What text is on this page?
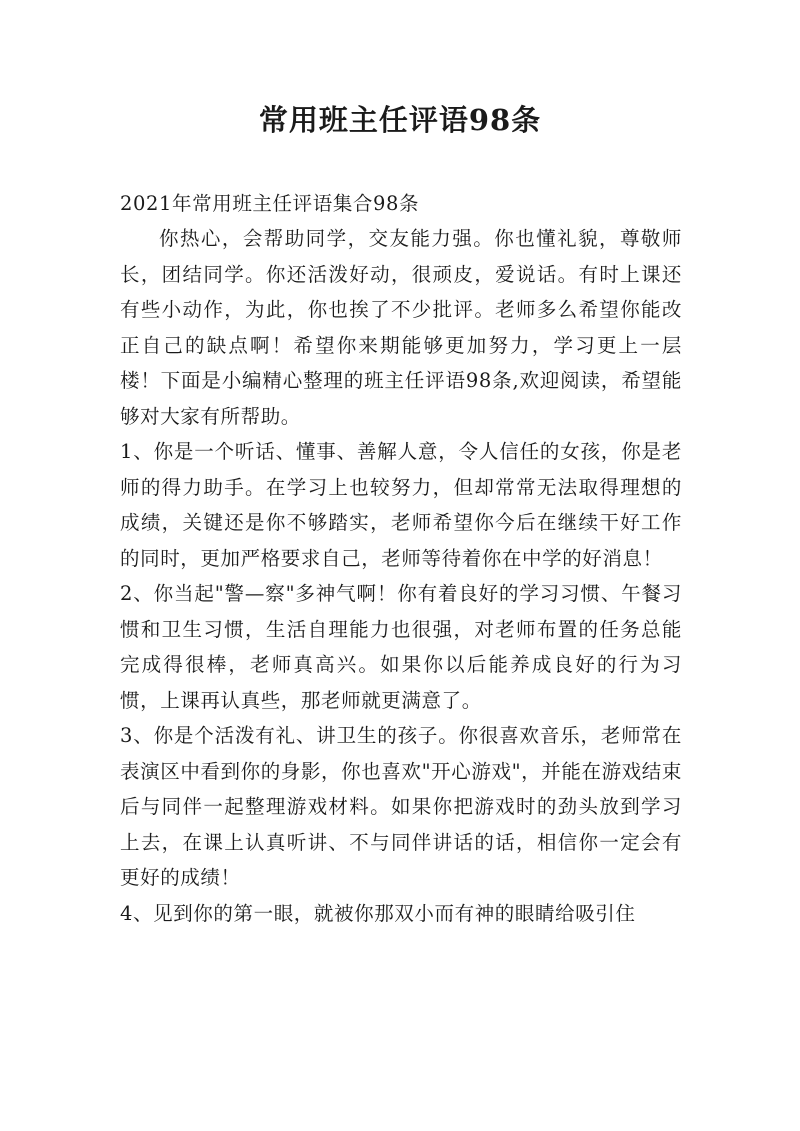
常用班主任评语98条

2021年常用班主任评语集合98条

你热心，会帮助同学，交友能力强。你也懂礼貌，尊敬师长，团结同学。你还活泼好动，很顽皮，爱说话。有时上课还有些小动作，为此，你也挨了不少批评。老师多么希望你能改正自己的缺点啊！希望你来期能够更加努力，学习更上一层楼！下面是小编精心整理的班主任评语98条,欢迎阅读，希望能够对大家有所帮助。

1、你是一个听话、懂事、善解人意，令人信任的女孩，你是老师的得力助手。在学习上也较努力，但却常常无法取得理想的成绩，关键还是你不够踏实，老师希望你今后在继续干好工作的同时，更加严格要求自己，老师等待着你在中学的好消息！

2、你当起"警—察"多神气啊！你有着良好的学习习惯、午餐习惯和卫生习惯，生活自理能力也很强，对老师布置的任务总能完成得很棒，老师真高兴。如果你以后能养成良好的行为习惯，上课再认真些，那老师就更满意了。

3、你是个活泼有礼、讲卫生的孩子。你很喜欢音乐，老师常在表演区中看到你的身影，你也喜欢"开心游戏"，并能在游戏结束后与同伴一起整理游戏材料。如果你把游戏时的劲头放到学习上去，在课上认真听讲、不与同伴讲话的话，相信你一定会有更好的成绩！

4、见到你的第一眼，就被你那双小而有神的眼睛给吸引住
